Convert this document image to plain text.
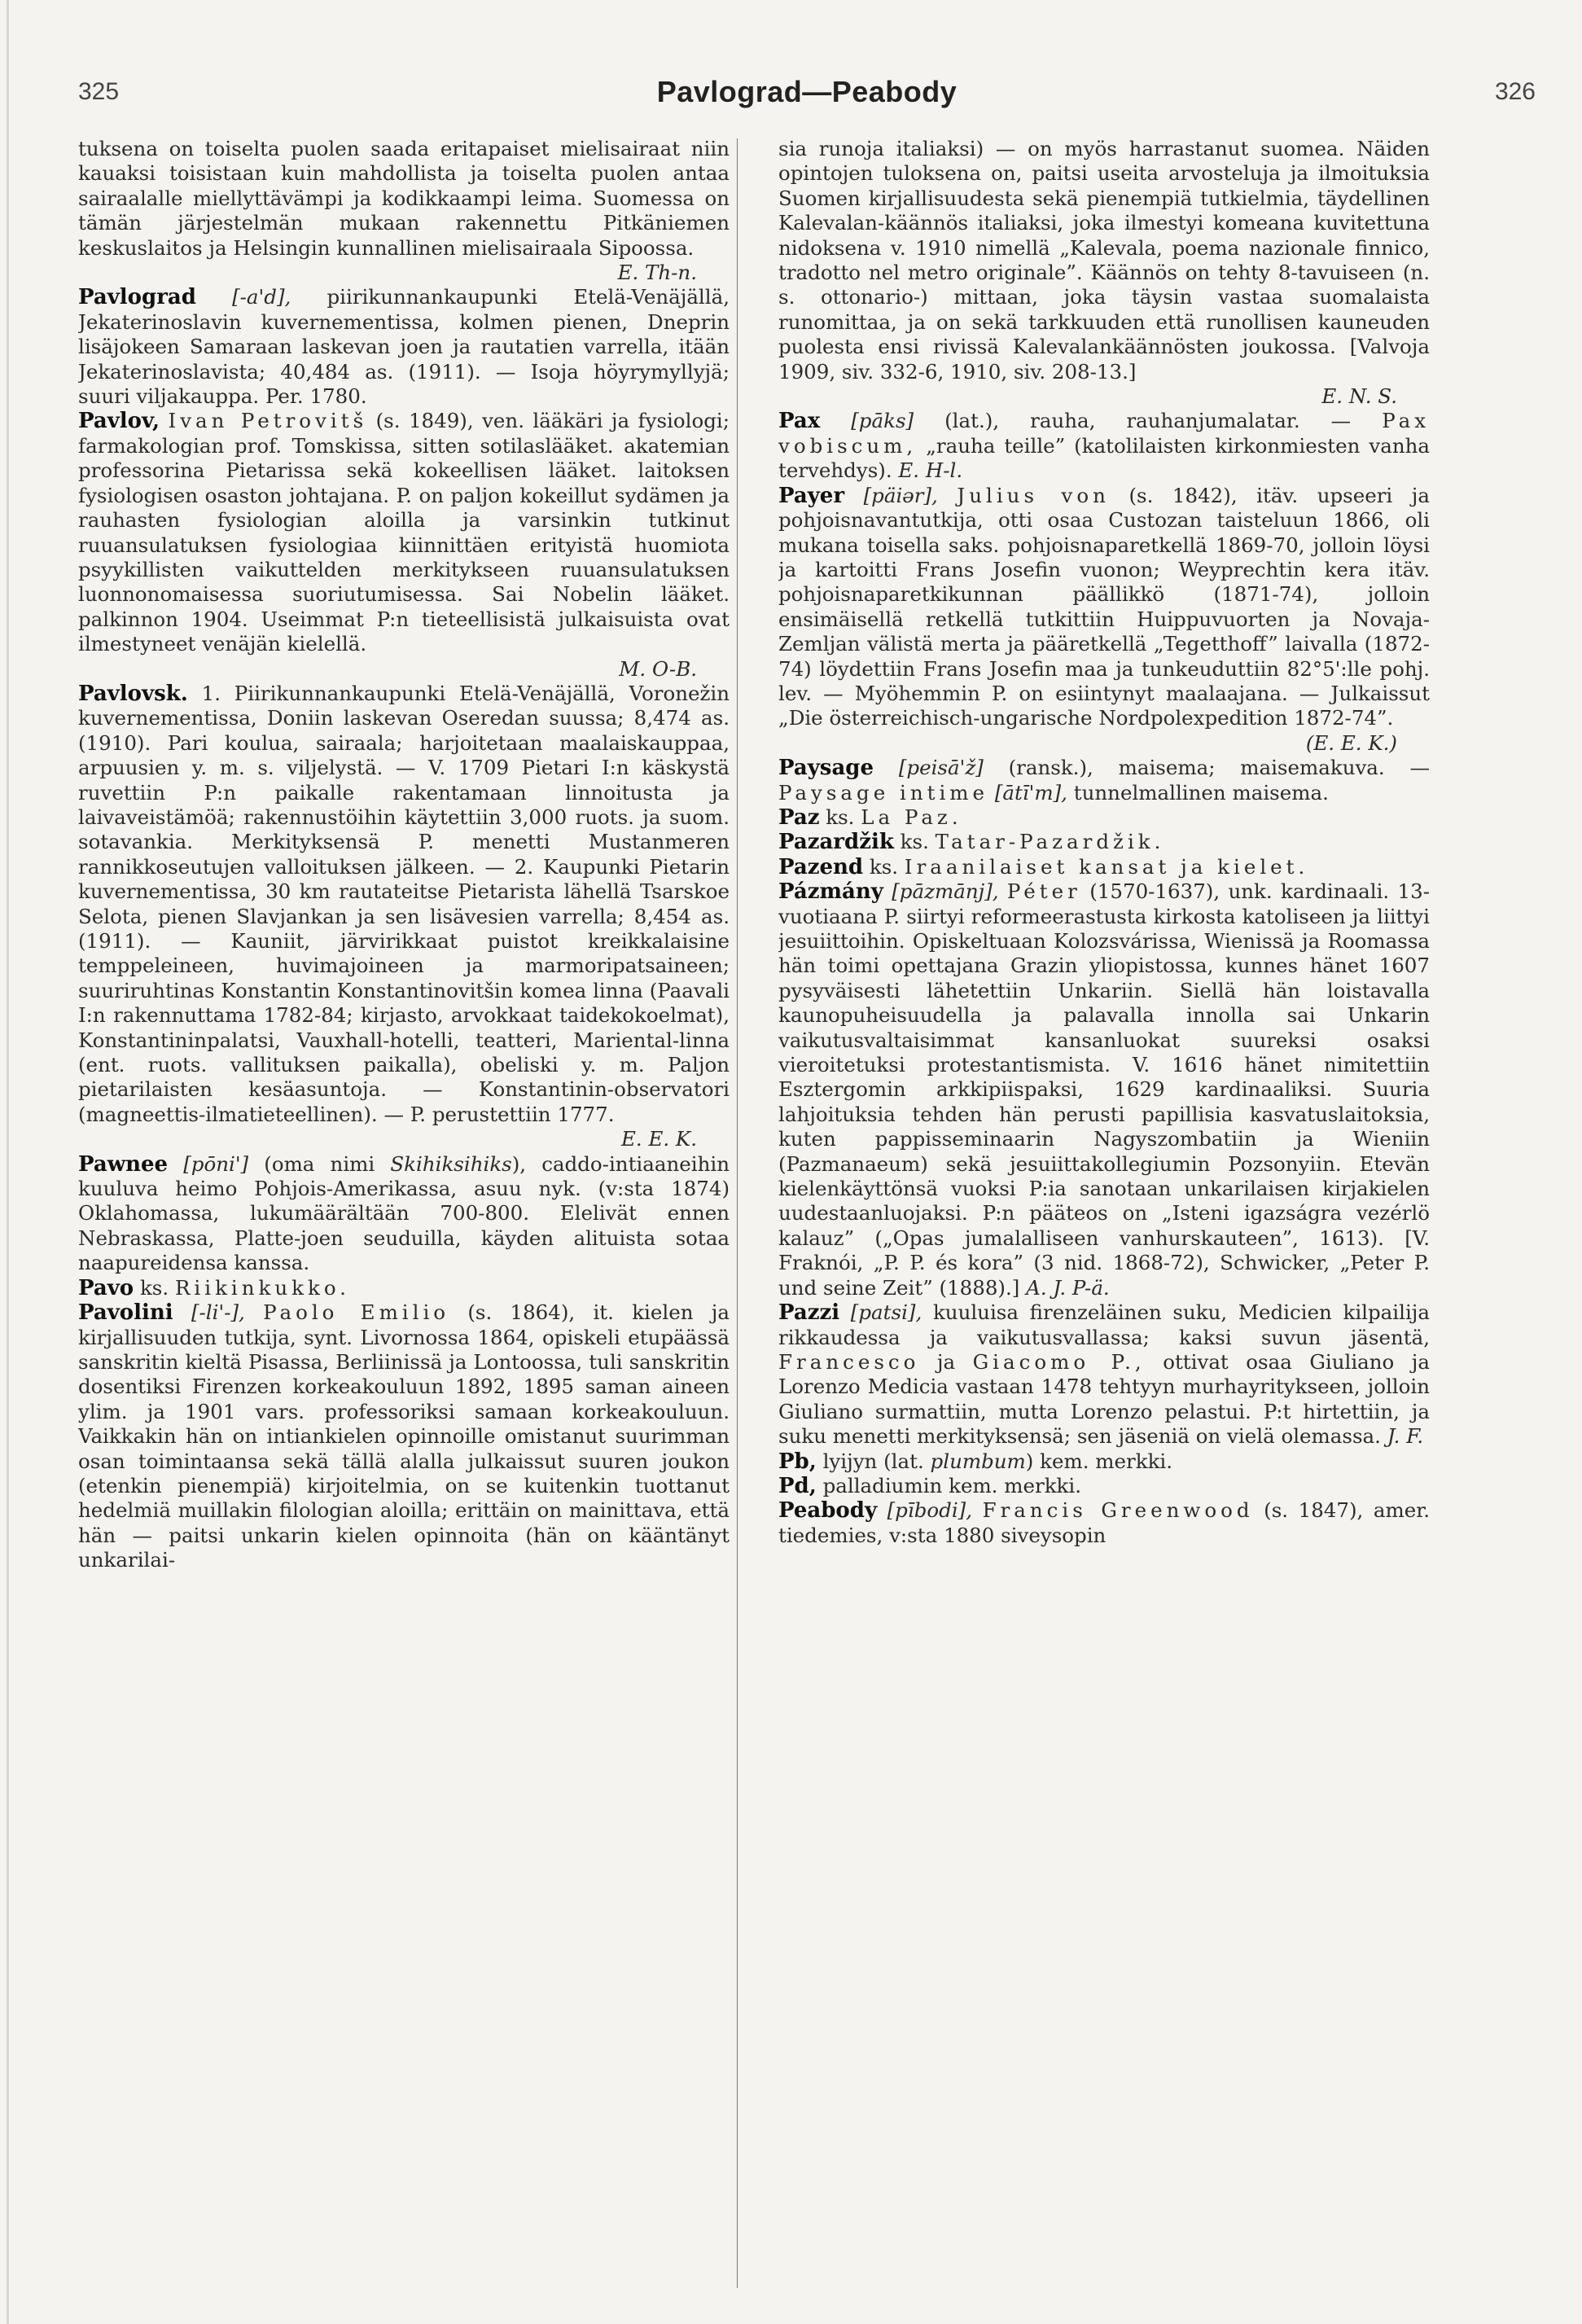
325	Pavlograd—Peabody	326

tuksena on toiselta puolen saada eritapaiset mielisairaat niin kauaksi toisistaan kuin mahdollista ja toiselta puolen antaa sairaalalle miellyttävämpi ja kodikkaampi leima. Suomessa on tämän järjestelmän mukaan rakennettu Pitkäniemen keskuslaitos ja Helsingin kunnallinen mielisairaala Sipoossa.

E. Th-n.

Pavlograd [-a'd], piirikunnankaupunki Etelä-Venäjällä, Jekaterinoslavin kuvernementissa, kolmen pienen, Dneprin lisäjokeen Samaraan laskevan joen ja rautatien varrella, itään Jekaterinoslavista; 40,484 as. (1911). — Isoja höyrymyllyjä; suuri viljakauppa. Per. 1780.

Pavlov, Ivan Petrovitš (s. 1849), ven. lääkäri ja fysiologi; farmakologian prof. Tomskissa, sitten sotilaslääket. akatemian professorina Pietarissa sekä kokeellisen lääket. laitoksen fysiologisen osaston johtajana. P. on paljon kokeillut sydämen ja rauhasten fysiologian aloilla ja varsinkin tutkinut ruuansulatuksen fysiologiaa kiinnittäen erityistä huomiota psyykillisten vaikuttelden merkitykseen ruuansulatuksen luonnonomaisessa suoriutumisessa. Sai Nobelin lääket. palkinnon 1904. Useimmat P:n tieteellisistä julkaisuista ovat ilmestyneet venäjän kielellä.

M. O-B.

Pavlovsk. 1. Piirikunnankaupunki Etelä-Venäjällä, Voronežin kuvernementissa, Doniin laskevan Oseredan suussa; 8,474 as. (1910). Pari koulua, sairaala; harjoitetaan maalaiskauppaa, arpuusien y. m. s. viljelystä. — V. 1709 Pietari I:n käskystä ruvettiin P:n paikalle rakentamaan linnoitusta ja laivaveistämöä; rakennustöihin käytettiin 3,000 ruots. ja suom. sotavankia. Merkityksensä P. menetti Mustanmeren rannikkoseutujen valloituksen jälkeen. — 2. Kaupunki Pietarin kuvernementissa, 30 km rautateitse Pietarista lähellä Tsarskoe Selota, pienen Slavjankan ja sen lisävesien varrella; 8,454 as. (1911). — Kauniit, järvirikkaat puistot kreikkalaisine temppeleineen, huvimajoineen ja marmoripatsaineen; suuriruhtinas Konstantin Konstantinovitšin komea linna (Paavali I:n rakennuttama 1782-84; kirjasto, arvokkaat taidekokoelmat), Konstantininpalatsi, Vauxhall-hotelli, teatteri, Mariental-linna (ent. ruots. vallituksen paikalla), obeliski y. m. Paljon pietarilaisten kesäasuntoja. — Konstantinin-observatori (magneettis-ilmatieteellinen). — P. perustettiin 1777.

E. E. K.

Pawnee [pōni'] (oma nimi Skihiksihiks), caddo-intiaaneihin kuuluva heimo Pohjois-Amerikassa, asuu nyk. (v:sta 1874) Oklahomassa, lukumäärältään 700-800. Elelivät ennen Nebraskassa, Platte-joen seuduilla, käyden alituista sotaa naapureidensa kanssa.

Pavo ks. Riikinkukko.

Pavolini [-li'-], Paolo Emilio (s. 1864), it. kielen ja kirjallisuuden tutkija, synt. Livornossa 1864, opiskeli etupäässä sanskritin kieltä Pisassa, Berliinissä ja Lontoossa, tuli sanskritin dosentiksi Firenzen korkeakouluun 1892, 1895 saman aineen ylim. ja 1901 vars. professoriksi samaan korkeakouluun. Vaikkakin hän on intiankielen opinnoille omistanut suurimman osan toimintaansa sekä tällä alalla julkaissut suuren joukon (etenkin pienempiä) kirjoitelmia, on se kuitenkin tuottanut hedelmiä muillakin filologian aloilla; erittäin on mainittava, että hän — paitsi unkarin kielen opinnoita (hän on kääntänyt unkarilai-

sia runoja italiaksi) — on myös harrastanut suomea. Näiden opintojen tuloksena on, paitsi useita arvosteluja ja ilmoituksia Suomen kirjallisuudesta sekä pienempiä tutkielmia, täydellinen Kalevalan-käännös italiaksi, joka ilmestyi komeana kuvitettuna nidoksena v. 1910 nimellä „Kalevala, poema nazionale finnico, tradotto nel metro originale”. Käännös on tehty 8-tavuiseen (n. s. ottonario-) mittaan, joka täysin vastaa suomalaista runomittaa, ja on sekä tarkkuuden että runollisen kauneuden puolesta ensi rivissä Kalevalankäännösten joukossa. [Valvoja 1909, siv. 332-6, 1910, siv. 208-13.]

E. N. S.

Pax [pāks] (lat.), rauha, rauhanjumalatar. — Pax vobiscum, „rauha teille” (katolilaisten kirkonmiesten vanha tervehdys). E. H-l.

Payer [päiər], Julius von (s. 1842), itäv. upseeri ja pohjoisnavantutkija, otti osaa Custozan taisteluun 1866, oli mukana toisella saks. pohjoisnaparetkellä 1869-70, jolloin löysi ja kartoitti Frans Josefin vuonon; Weyprechtin kera itäv. pohjoisnaparetkikunnan päällikkö (1871-74), jolloin ensimäisellä retkellä tutkittiin Huippuvuorten ja Novaja-Zemljan välistä merta ja pääretkellä „Tegetthoff” laivalla (1872-74) löydettiin Frans Josefin maa ja tunkeuduttiin 82°5':lle pohj. lev. — Myöhemmin P. on esiintynyt maalaajana. — Julkaissut „Die österreichisch-ungarische Nordpolexpedition 1872-74”.

(E. E. K.)

Paysage [peisā'ž] (ransk.), maisema; maisemakuva. — Paysage intime [ātī'm], tunnelmallinen maisema.

Paz ks. La Paz.

Pazardžik ks. Tatar-Pazardžik.

Pazend ks. Iraanilaiset kansat ja kielet.

Pázmány [pāzmānj], Péter (1570-1637), unk. kardinaali. 13-vuotiaana P. siirtyi reformeerastusta kirkosta katoliseen ja liittyi jesuiittoihin. Opiskeltuaan Kolozsvárissa, Wienissä ja Roomassa hän toimi opettajana Grazin yliopistossa, kunnes hänet 1607 pysyväisesti lähetettiin Unkariin. Siellä hän loistavalla kaunopuheisuudella ja palavalla innolla sai Unkarin vaikutusvaltaisimmat kansanluokat suureksi osaksi vieroitetuksi protestantismista. V. 1616 hänet nimitettiin Esztergomin arkkipiispaksi, 1629 kardinaaliksi. Suuria lahjoituksia tehden hän perusti papillisia kasvatuslaitoksia, kuten pappisseminaarin Nagyszombatiin ja Wieniin (Pazmanaeum) sekä jesuiittakollegiumin Pozsonyiin. Etevän kielenkäyttönsä vuoksi P:ia sanotaan unkarilaisen kirjakielen uudestaanluojaksi. P:n pääteos on „Isteni igazságra vezérlö kalauz” („Opas jumalalliseen vanhurskauteen”, 1613). [V. Fraknói, „P. P. és kora” (3 nid. 1868-72), Schwicker, „Peter P. und seine Zeit” (1888).] A. J. P-ä.

Pazzi [patsi], kuuluisa firenzeläinen suku, Medicien kilpailija rikkaudessa ja vaikutusvallassa; kaksi suvun jäsentä, Francesco ja Giacomo P., ottivat osaa Giuliano ja Lorenzo Medicia vastaan 1478 tehtyyn murhayritykseen, jolloin Giuliano surmattiin, mutta Lorenzo pelastui. P:t hirtettiin, ja suku menetti merkityksensä; sen jäseniä on vielä olemassa. J. F.

Pb, lyijyn (lat. plumbum) kem. merkki.

Pd, palladiumin kem. merkki.

Peabody [pībodi], Francis Greenwood (s. 1847), amer. tiedemies, v:sta 1880 siveysopin
